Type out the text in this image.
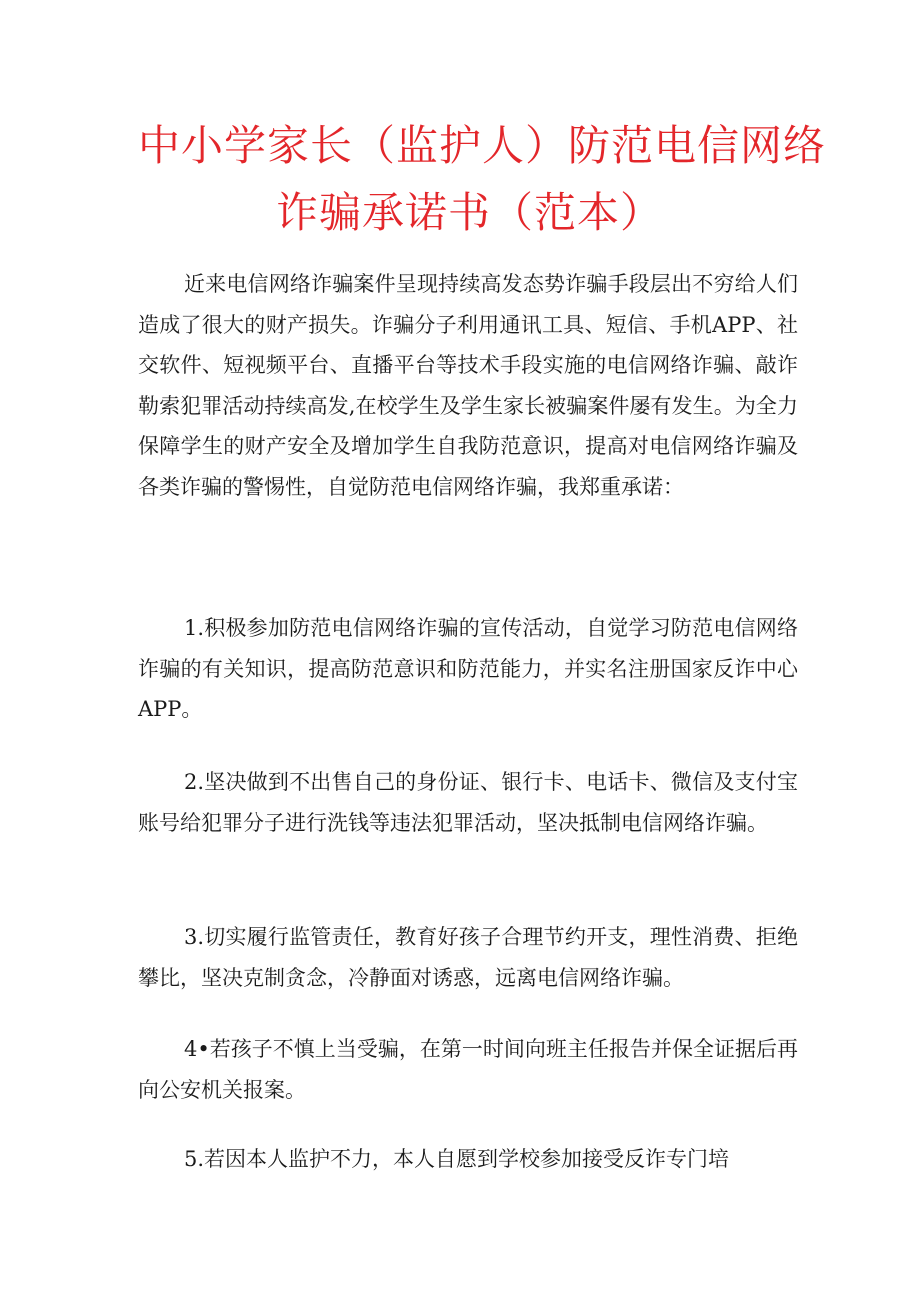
中小学家长（监护人）防范电信网络
诈骗承诺书（范本）

近来电信网络诈骗案件呈现持续高发态势诈骗手段层出不穷给人们造成了很大的财产损失。诈骗分子利用通讯工具、短信、手机APP、社交软件、短视频平台、直播平台等技术手段实施的电信网络诈骗、敲诈勒索犯罪活动持续高发,在校学生及学生家长被骗案件屡有发生。为全力保障学生的财产安全及增加学生自我防范意识，提高对电信网络诈骗及各类诈骗的警惕性，自觉防范电信网络诈骗，我郑重承诺：

1.积极参加防范电信网络诈骗的宣传活动，自觉学习防范电信网络诈骗的有关知识，提高防范意识和防范能力，并实名注册国家反诈中心APP。

2.坚决做到不出售自己的身份证、银行卡、电话卡、微信及支付宝账号给犯罪分子进行洗钱等违法犯罪活动，坚决抵制电信网络诈骗。

3.切实履行监管责任，教育好孩子合理节约开支，理性消费、拒绝攀比，坚决克制贪念，冷静面对诱惑，远离电信网络诈骗。

4•若孩子不慎上当受骗，在第一时间向班主任报告并保全证据后再向公安机关报案。

5.若因本人监护不力，本人自愿到学校参加接受反诈专门培
